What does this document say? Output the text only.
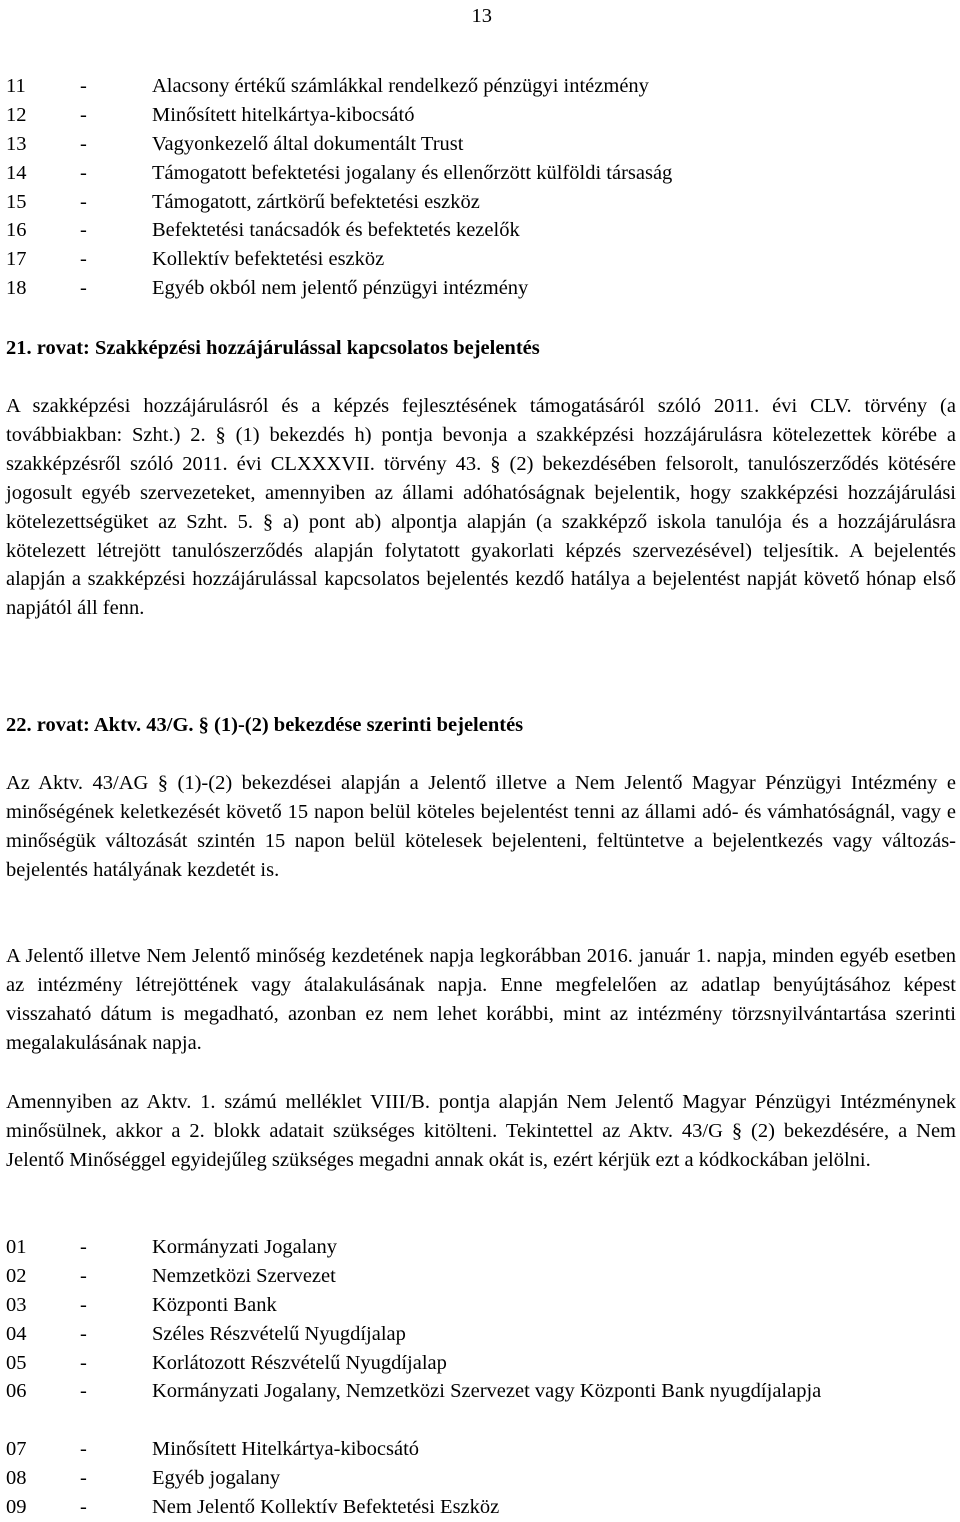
13
11	-	Alacsony értékű számlákkal rendelkező pénzügyi intézmény
12	-	Minősített hitelkártya-kibocsátó
13	-	Vagyonkezelő által dokumentált Trust
14	-	Támogatott befektetési jogalany és ellenőrzött külföldi társaság
15	-	Támogatott, zártkörű befektetési eszköz
16	-	Befektetési tanácsadók és befektetés kezelők
17	-	Kollektív befektetési eszköz
18	-	Egyéb okból nem jelentő pénzügyi intézmény
21. rovat: Szakképzési hozzájárulással kapcsolatos bejelentés

A szakképzési hozzájárulásról és a képzés fejlesztésének támogatásáról szóló 2011. évi CLV. törvény (a továbbiakban: Szht.) 2. § (1) bekezdés h) pontja bevonja a szakképzési hozzájárulásra kötelezettek körébe a szakképzésről szóló 2011. évi CLXXXVII. törvény 43. § (2) bekezdésében felsorolt, tanulószerződés kötésére jogosult egyéb szervezeteket, amennyiben az állami adóhatóságnak bejelentik, hogy szakképzési hozzájárulási kötelezettségüket az Szht. 5. § a) pont ab) alpontja alapján (a szakképző iskola tanulója és a hozzájárulásra kötelezett létrejött tanulószerződés alapján folytatott gyakorlati képzés szervezésével) teljesítik. A bejelentés alapján a szakképzési hozzájárulással kapcsolatos bejelentés kezdő hatálya a bejelentést napját követő hónap első napjától áll fenn.

22. rovat: Aktv. 43/G. § (1)-(2) bekezdése szerinti bejelentés

Az Aktv. 43/AG § (1)-(2) bekezdései alapján a Jelentő illetve a Nem Jelentő Magyar Pénzügyi Intézmény e minőségének keletkezését követő 15 napon belül köteles bejelentést tenni az állami adó- és vámhatóságnál, vagy e minőségük változását szintén 15 napon belül kötelesek bejelenteni, feltüntetve a bejelentkezés vagy változás-bejelentés hatályának kezdetét is.

A Jelentő illetve Nem Jelentő minőség kezdetének napja legkorábban 2016. január 1. napja, minden egyéb esetben az intézmény létrejöttének vagy átalakulásának napja. Enne megfelelően az adatlap benyújtásához képest visszaható dátum is megadható, azonban ez nem lehet korábbi, mint az intézmény törzsnyilvántartása szerinti megalakulásának napja.

Amennyiben az Aktv. 1. számú melléklet VIII/B. pontja alapján Nem Jelentő Magyar Pénzügyi Intézménynek minősülnek, akkor a 2. blokk adatait szükséges kitölteni. Tekintettel az Aktv. 43/G § (2) bekezdésére, a Nem Jelentő Minőséggel egyidejűleg szükséges megadni annak okát is, ezért kérjük ezt a kódkockában jelölni.

01	-	Kormányzati Jogalany
02	-	Nemzetközi Szervezet
03	-	Központi Bank
04	-	Széles Részvételű Nyugdíjalap
05	-	Korlátozott Részvételű Nyugdíjalap
06	-	Kormányzati Jogalany, Nemzetközi Szervezet vagy Központi Bank nyugdíjalapja
07	-	Minősített Hitelkártya-kibocsátó
08	-	Egyéb jogalany
09	-	Nem Jelentő Kollektív Befektetési Eszköz
